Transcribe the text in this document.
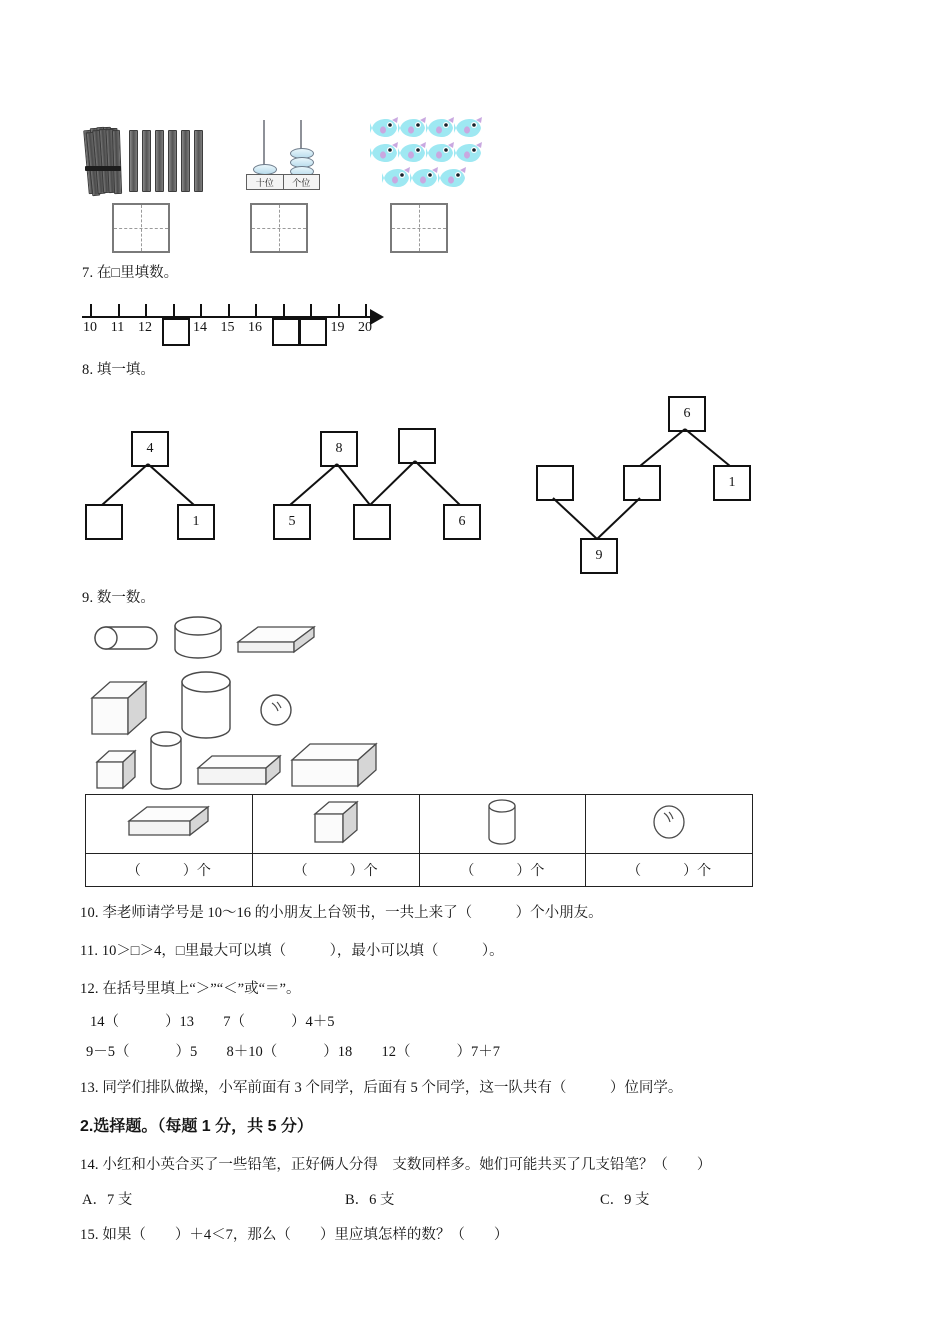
十位	个位
7. 在□里填数。
10 11 12	14 15 16	19 20
8. 填一填。
4
1
8
5	6
6
1
9
9. 数一数。

（　　　）个	（　　　）个	（　　　）个	（　　　）个
10. 李老师请学号是 10～16 的小朋友上台领书，一共上来了（　　　）个小朋友。
11. 10＞□＞4，□里最大可以填（　　　），最小可以填（　　　）。
12. 在括号里填上“＞”“＜”或“＝”。
14（	）13 7（	）4＋5
9－5（	）5 8＋10（	）18 12（	）7＋7
13. 同学们排队做操，小军前面有 3 个同学，后面有 5 个同学，这一队共有（　　　）位同学。
2.选择题。（每题 1 分，共 5 分）
14. 小红和小英合买了一些铅笔，正好俩人分得　支数同样多。她们可能共买了几支铅笔？（　　）
A．7 支	B．6 支	C．9 支
15. 如果（　　）＋4＜7，那么（　　）里应填怎样的数？（　　）
